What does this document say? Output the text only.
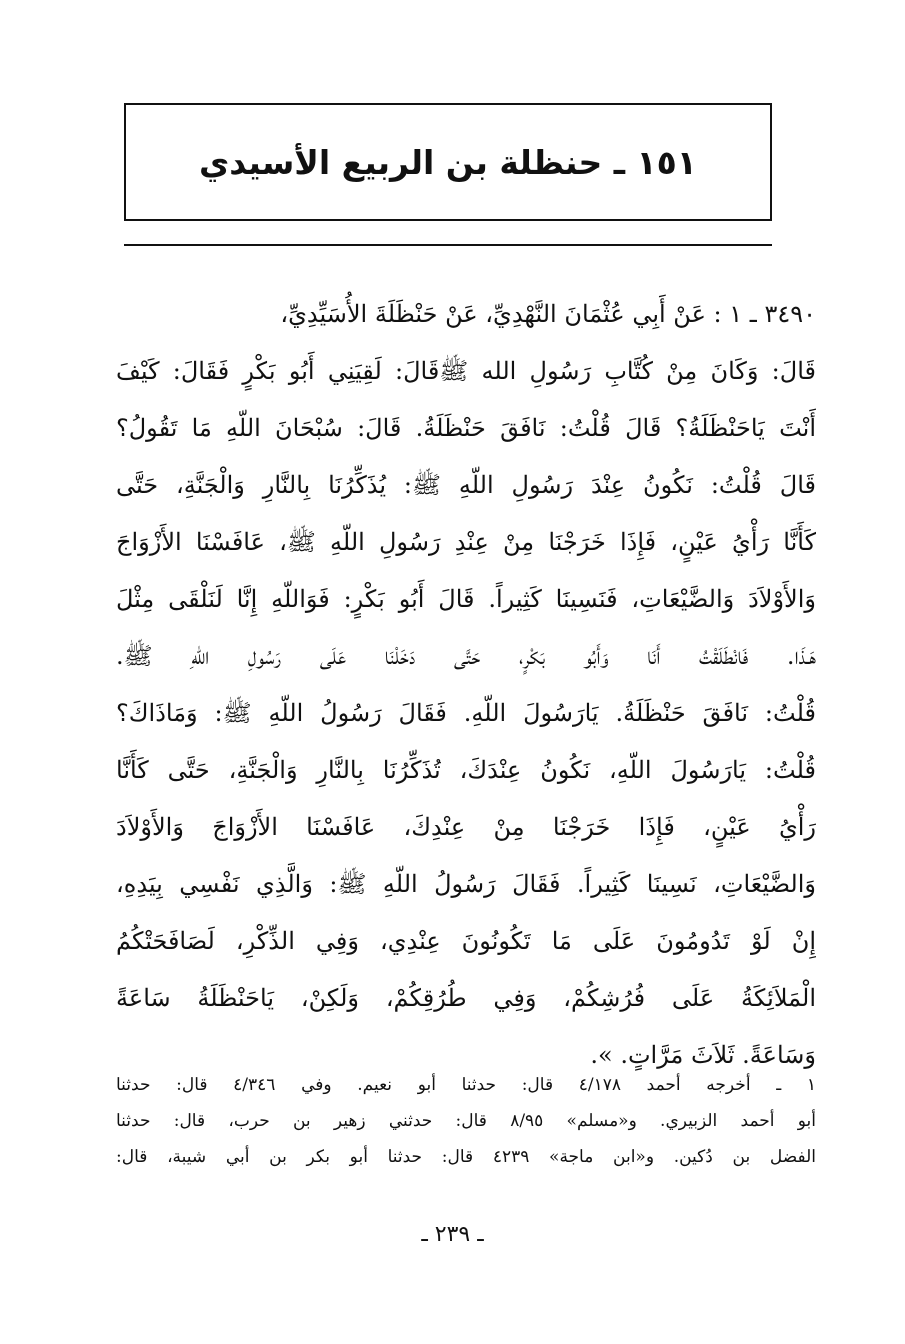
١٥١ ـ حنظلة بن الربيع الأسيدي
٣٤٩٠ ـ ١ : عَنْ أَبِي عُثْمَانَ النَّهْدِيِّ، عَنْ حَنْظَلَةَ الأُسَيِّدِيِّ،
قَالَ: وَكَانَ مِنْ كُتَّابِ رَسُولِ الله ﷺقَالَ: لَقِيَنِي أَبُو بَكْرٍ فَقَالَ: كَيْفَ
أَنْتَ يَاحَنْظَلَةُ؟ قَالَ قُلْتُ: نَافَقَ حَنْظَلَةُ. قَالَ: سُبْحَانَ اللّهِ مَا تَقُولُ؟
قَالَ قُلْتُ: نَكُونُ عِنْدَ رَسُولِ اللّهِ ﷺ: يُذَكِّرُنَا بِالنَّارِ وَالْجَنَّةِ، حَتَّى
كَأَنَّا رَأْيُ عَيْنٍ، فَإِذَا خَرَجْنَا مِنْ عِنْدِ رَسُولِ اللّهِ ﷺ، عَافَسْنَا الأَزْوَاجَ
وَالأَوْلاَدَ وَالضَّيْعَاتِ، فَنَسِينَا كَثِيراً. قَالَ أَبُو بَكْرٍ: فَوَاللّهِ إِنَّا لَنَلْقَى مِثْلَ
هَـذَا. فَانْطَلَقْتُ أَنَا وَأَبُو بَكْرٍ، حَتَّى دَخَلْنَا عَلَى رَسُولِ اللّهِ ﷺ.
قُلْتُ: نَافَقَ حَنْظَلَةُ. يَارَسُولَ اللّهِ. فَقَالَ رَسُولُ اللّهِ ﷺ: وَمَاذَاكَ؟
قُلْتُ: يَارَسُولَ اللّهِ، نَكُونُ عِنْدَكَ، تُذَكِّرُنَا بِالنَّارِ وَالْجَنَّةِ، حَتَّى كَأَنَّا
رَأْيُ عَيْنٍ، فَإِذَا خَرَجْنَا مِنْ عِنْدِكَ، عَافَسْنَا الأَزْوَاجَ وَالأَوْلاَدَ
وَالضَّيْعَاتِ، نَسِينَا كَثِيراً. فَقَالَ رَسُولُ اللّهِ ﷺ: وَالَّذِي نَفْسِي بِيَدِهِ،
إِنْ لَوْ تَدُومُونَ عَلَى مَا تَكُونُونَ عِنْدِي، وَفِي الذِّكْرِ، لَصَافَحَتْكُمُ
الْمَلاَئِكَةُ عَلَى فُرُشِكُمْ، وَفِي طُرُقِكُمْ، وَلَكِنْ، يَاحَنْظَلَةُ سَاعَةً
وَسَاعَةً. ثَلاَثَ مَرَّاتٍ. ».
١ ـ أخرجه أحمد ٤/١٧٨ قال: حدثنا أبو نعيم. وفي ٤/٣٤٦ قال: حدثنا
أبو أحمد الزبيري. و«مسلم» ٨/٩٥ قال: حدثني زهير بن حرب، قال: حدثنا
الفضل بن دُكين. و«ابن ماجة» ٤٢٣٩ قال: حدثنا أبو بكر بن أبي شيبة، قال:
ـ ٢٣٩ ـ
